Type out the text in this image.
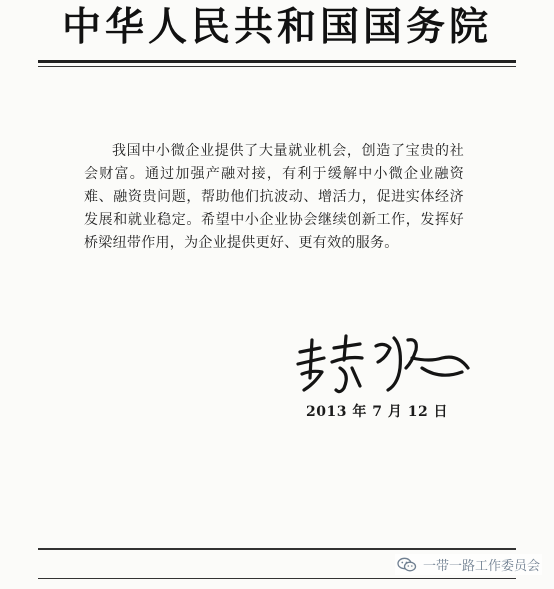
中华人民共和国国务院

我国中小微企业提供了大量就业机会，创造了宝贵的社会财富。通过加强产融对接，有利于缓解中小微企业融资难、融资贵问题，帮助他们抗波动、增活力，促进实体经济发展和就业稳定。希望中小企业协会继续创新工作，发挥好桥梁纽带作用，为企业提供更好、更有效的服务。

2013 年 7 月 12 日
一带一路工作委员会
